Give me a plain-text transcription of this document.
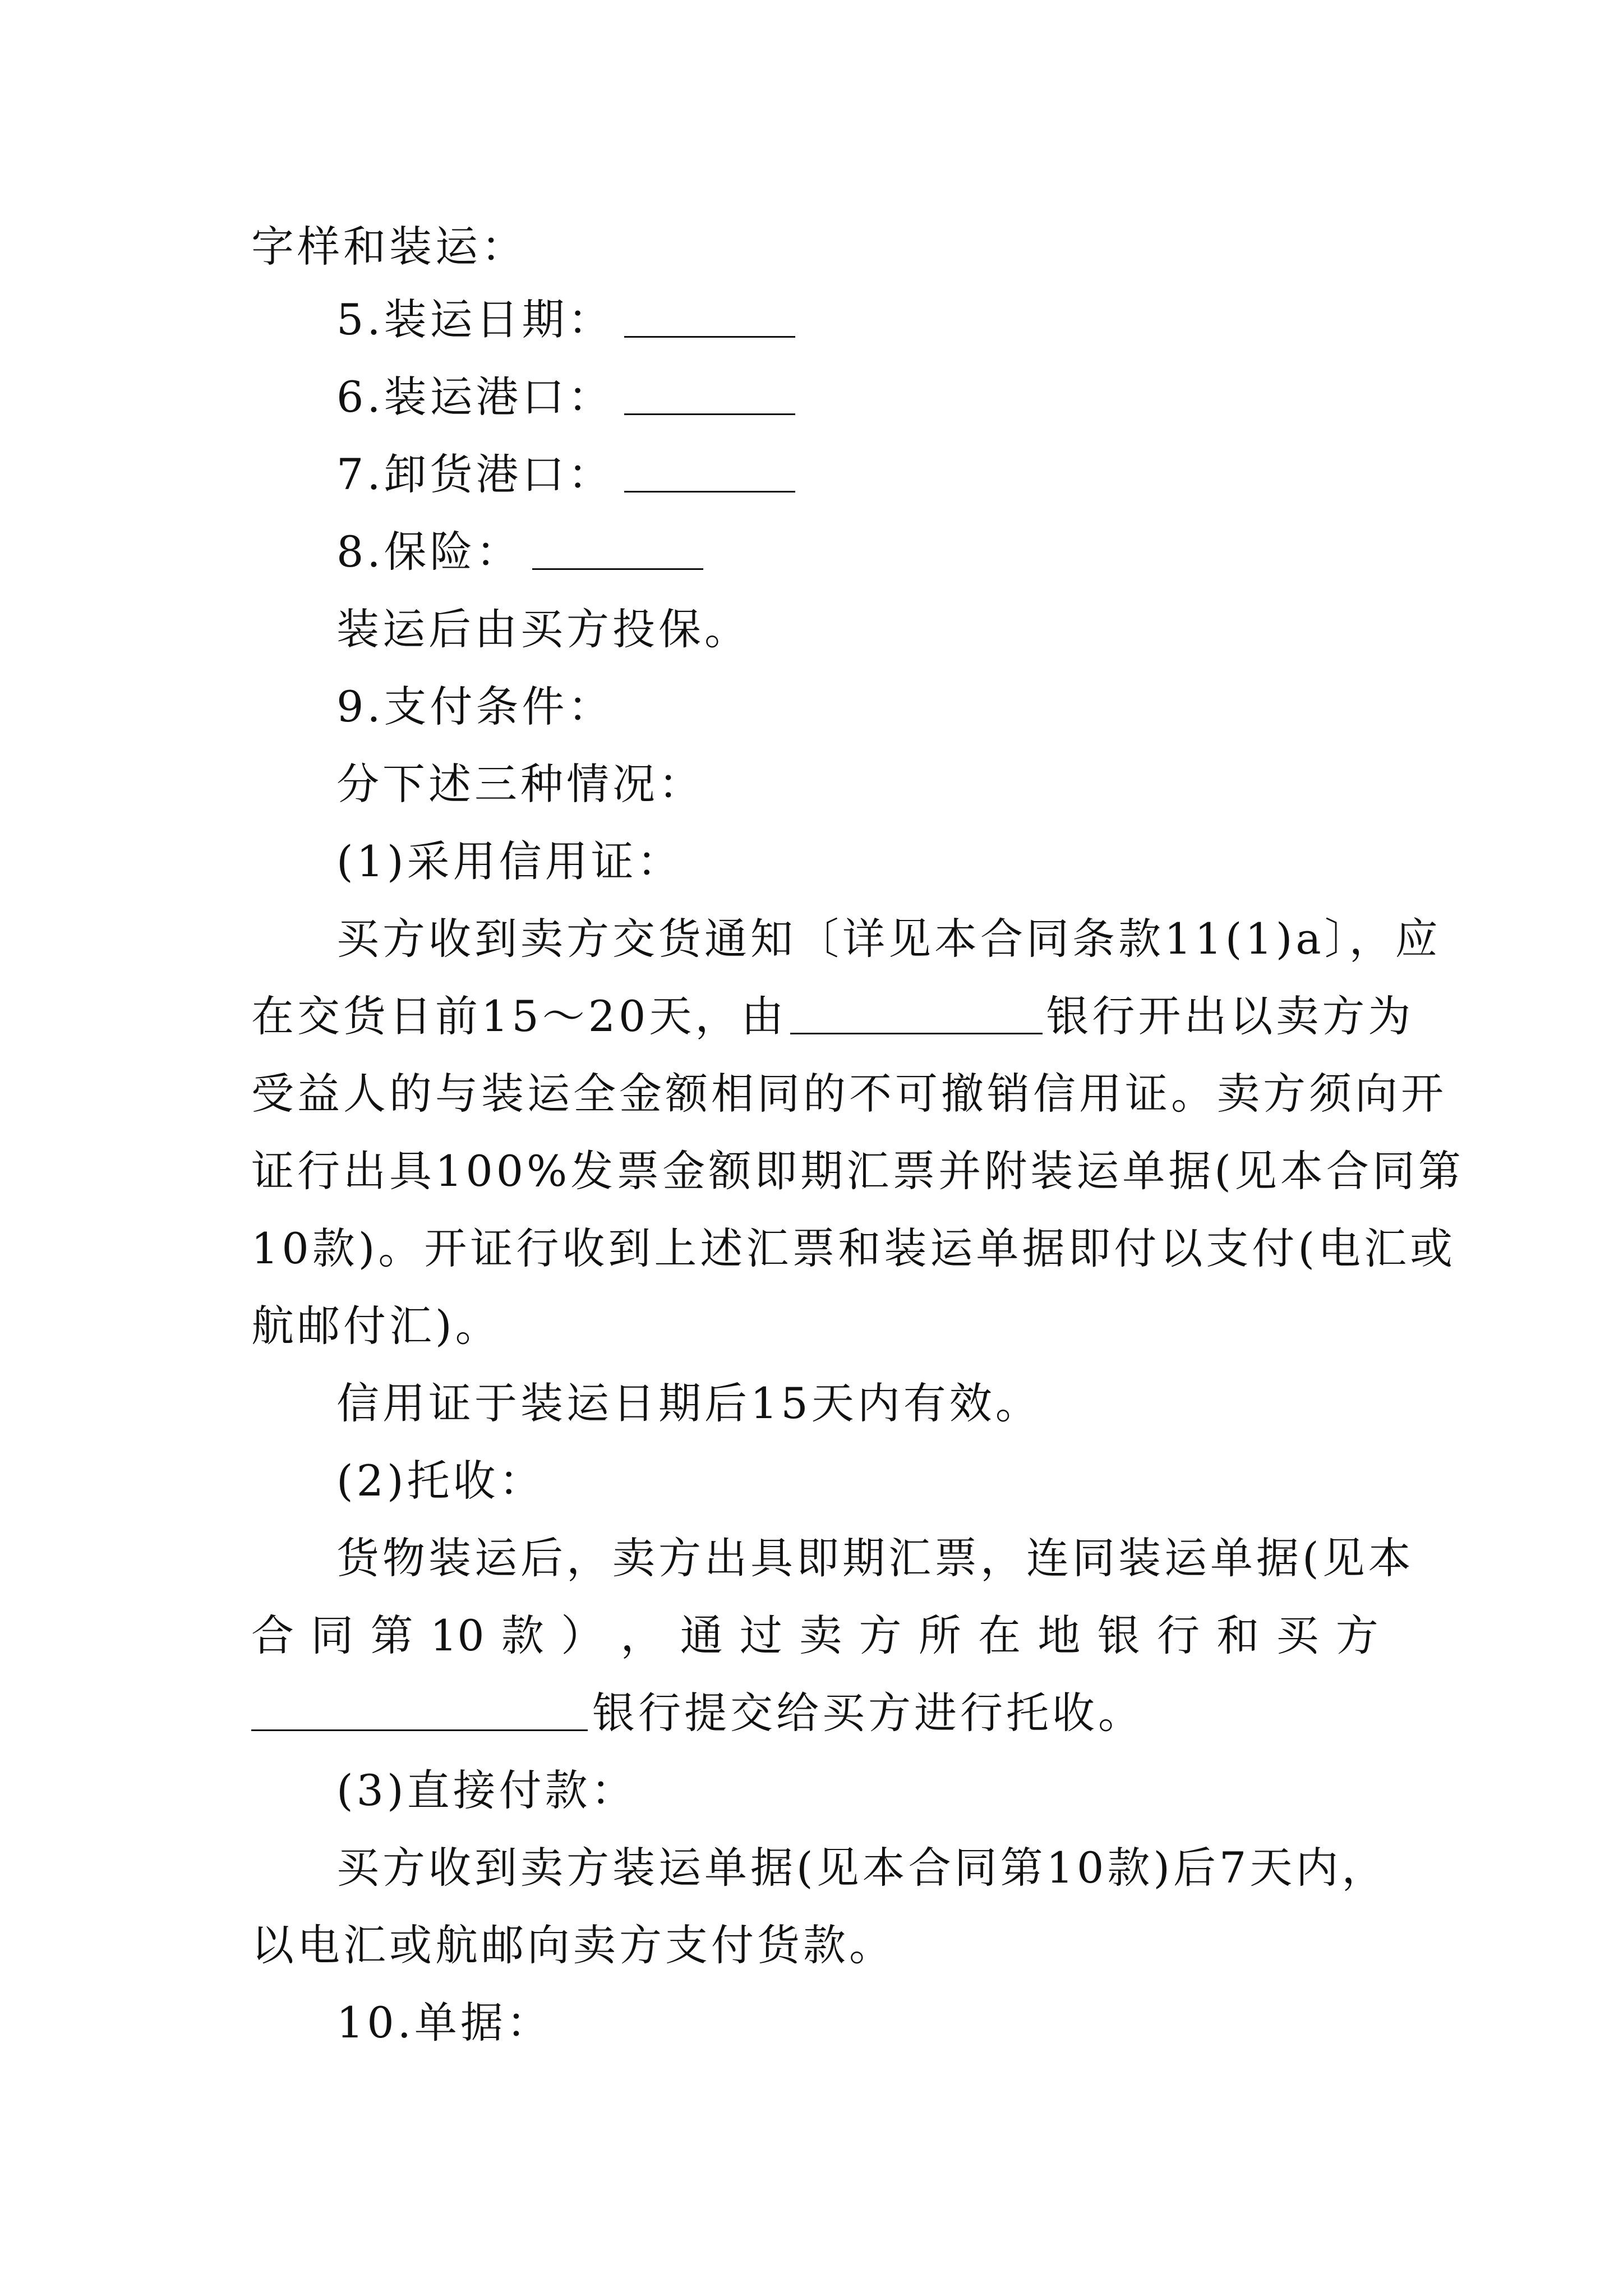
字样和装运：
5.装运日期：
6.装运港口：
7.卸货港口：
8.保险：
装运后由买方投保。
9.支付条件：
分下述三种情况：
(1)采用信用证：
买方收到卖方交货通知〔详见本合同条款11(1)a〕，应
在交货日前15～20天，由	银行开出以卖方为
受益人的与装运全金额相同的不可撤销信用证。卖方须向开
证行出具100%发票金额即期汇票并附装运单据(见本合同第
10款)。开证行收到上述汇票和装运单据即付以支付(电汇或
航邮付汇)。
信用证于装运日期后15天内有效。
(2)托收：
货物装运后，卖方出具即期汇票，连同装运单据(见本
合 同 第 10 款 ） ， 通 过 卖 方 所 在 地 银 行 和 买 方
银行提交给买方进行托收。
(3)直接付款：
买方收到卖方装运单据(见本合同第10款)后7天内，
以电汇或航邮向卖方支付货款。
10.单据：
